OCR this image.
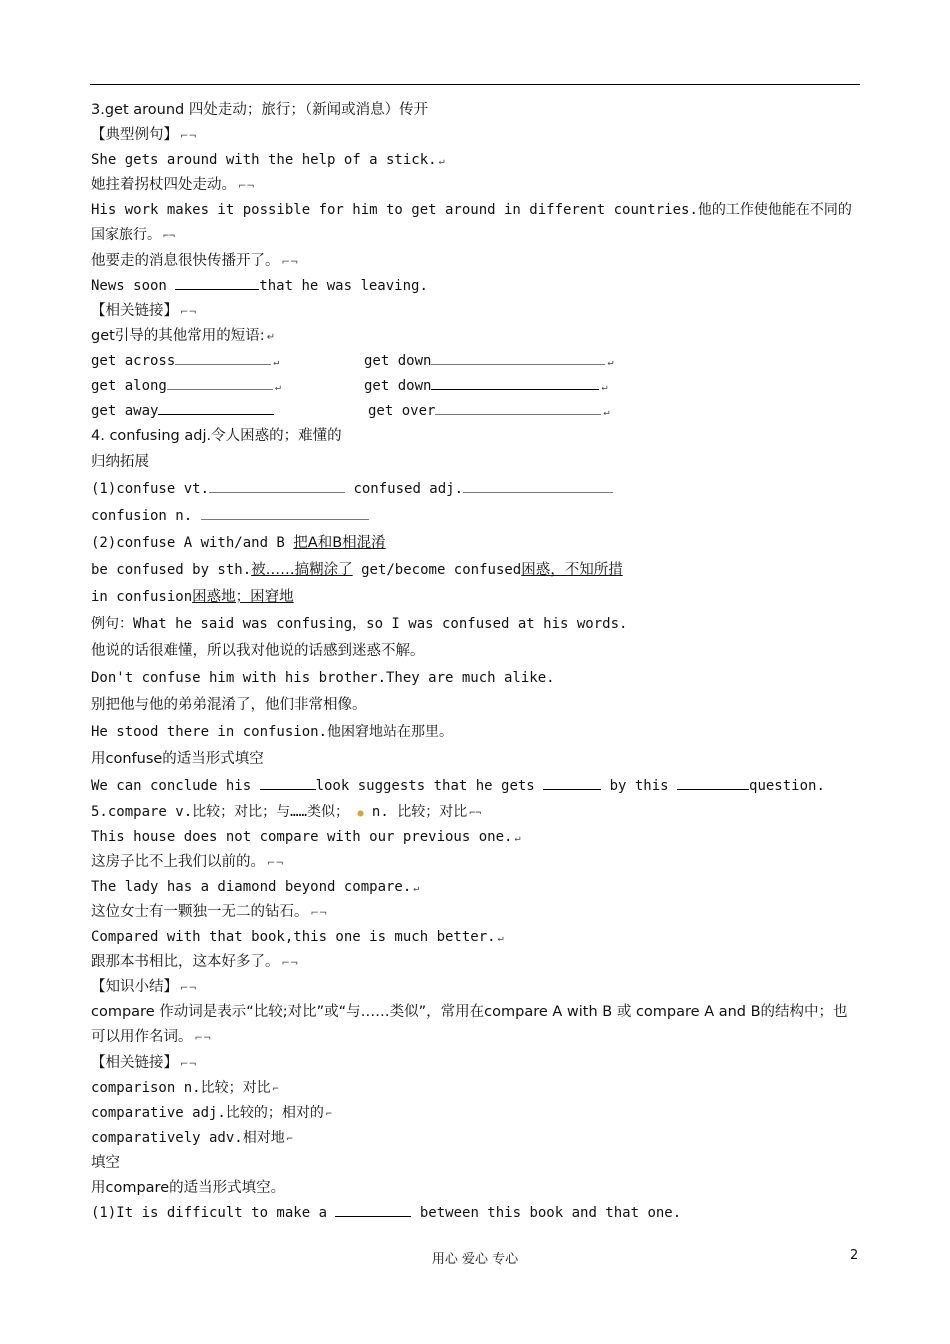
3.get around 四处走动；旅行；（新闻或消息）传开
【典型例句】 ⌐¬
She gets around with the help of a stick. ↵
她拄着拐杖四处走动。 ⌐¬
His work makes it possible for him to get around in different countries.他的工作使他能在不同的国家旅行。 ⌐¬
他要走的消息很快传播开了。 ⌐¬
News soon	that he was leaving.
【相关链接】 ⌐¬
get引导的其他常用的短语: ↵
get across	↵	get down	↵
get along	↵	get down	↵
get away	get over	↵
4. confusing adj.令人困惑的；难懂的
归纳拓展
(1)confuse vt.	confused adj.
confusion n.
(2)confuse A with/and B 把A和B相混淆
be confused by sth.被……搞糊涂了 get/become confused困惑，不知所措
in confusion困惑地；困窘地
例句：What he said was confusing，so I was confused at his words.
他说的话很难懂，所以我对他说的话感到迷惑不解。
Don't confuse him with his brother.They are much alike.
别把他与他的弟弟混淆了，他们非常相像。
He stood there in confusion.他困窘地站在那里。
用confuse的适当形式填空
We can conclude his	look suggests that he gets	by this	question.
5.compare v.比较；对比；与……类似； ● n. 比较；对比 ⌐¬
This house does not compare with our previous one. ↵
这房子比不上我们以前的。 ⌐¬
The lady has a diamond beyond compare. ↵
这位女士有一颗独一无二的钻石。 ⌐¬
Compared with that book,this one is much better. ↵
跟那本书相比，这本好多了。 ⌐¬
【知识小结】 ⌐¬
compare 作动词是表示“比较;对比”或“与……类似”，常用在compare A with B 或 compare A and B的结构中；也可以用作名词。 ⌐¬
【相关链接】 ⌐¬
comparison n.比较；对比 ⌐
comparative adj.比较的；相对的 ⌐
comparatively adv.相对地 ⌐
填空
用compare的适当形式填空。
(1)It is difficult to make a	between this book and that one.
用心 爱心 专心	2
